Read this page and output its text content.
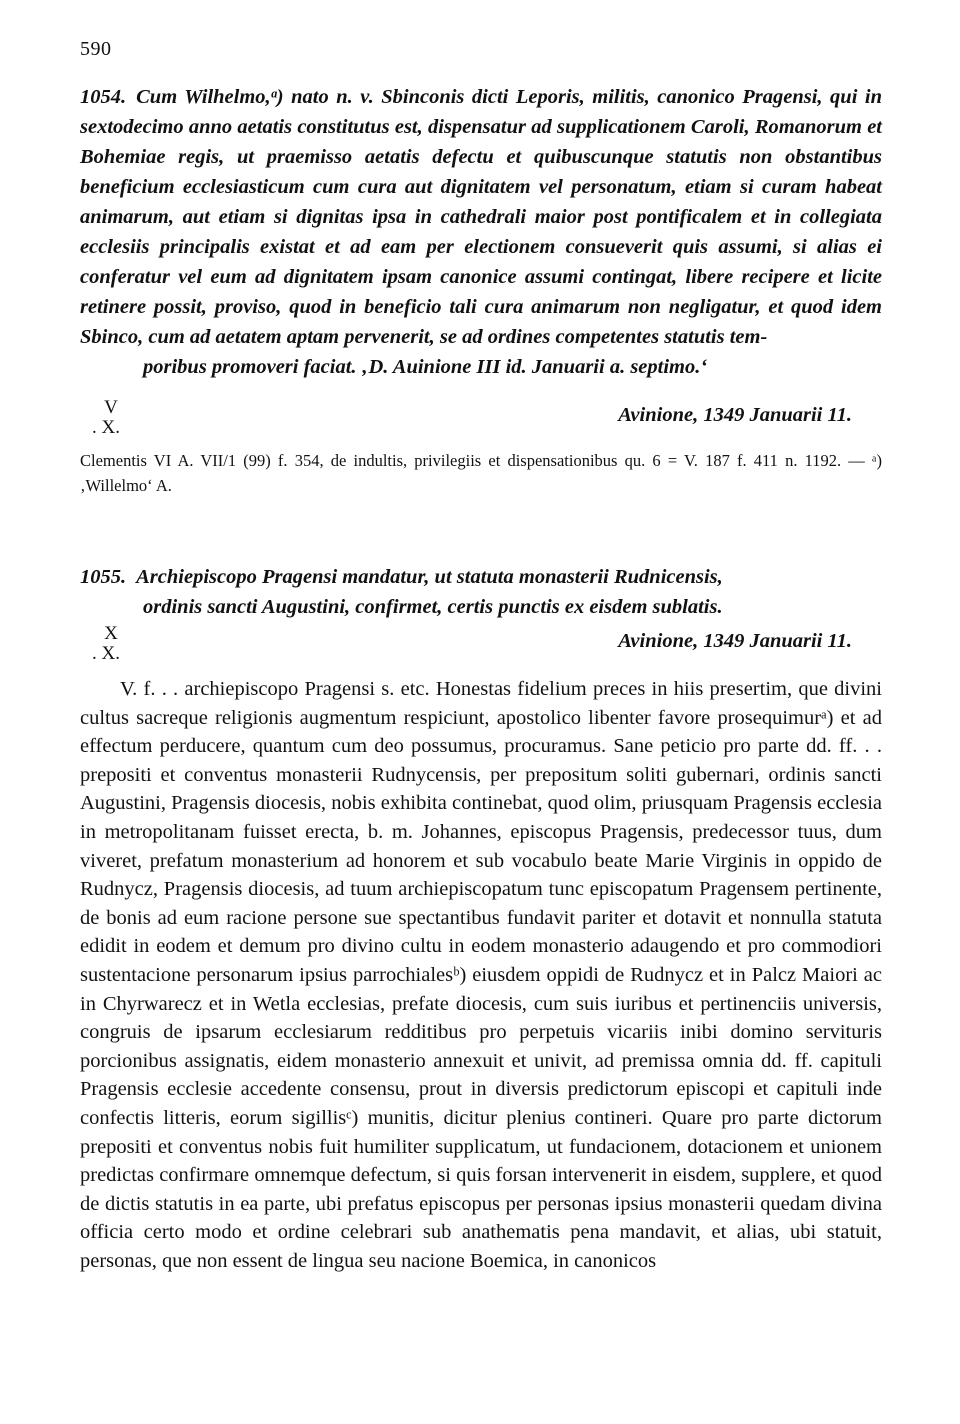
590
1054. Cum Wilhelmo,ᵃ) nato n. v. Sbinconis dicti Leporis, militis, canonico Pragensi, qui in sextodecimo anno aetatis constitutus est, dispensatur ad supplicationem Caroli, Romanorum et Bohemiae regis, ut praemisso aetatis defectu et quibuscunque statutis non obstantibus beneficium ecclesiasticum cum cura aut dignitatem vel personatum, etiam si curam habeat animarum, aut etiam si dignitas ipsa in cathedrali maior post pontificalem et in collegiata ecclesiis principalis existat et ad eam per electionem consueverit quis assumi, si alias ei conferatur vel eum ad dignitatem ipsam canonice assumi contingat, libere recipere et licite retinere possit, proviso, quod in beneficio tali cura animarum non negligatur, et quod idem Sbinco, cum ad aetatem aptam pervenerit, se ad ordines competentes statutis tem-
poribus promoveri faciat. ‚D. Auinione III id. Januarii a. septimo.‘
V
. X.
Avinione, 1349 Januarii 11.
Clementis VI A. VII/1 (99) f. 354, de indultis, privilegiis et dispensationibus qu. 6 = V. 187 f. 411 n. 1192. — ᵃ) ‚Willelmo‘ A.
1055. Archiepiscopo Pragensi mandatur, ut statuta monasterii Rudnicensis,
ordinis sancti Augustini, confirmet, certis punctis ex eisdem sublatis.
X
. X.
Avinione, 1349 Januarii 11.
V. f. . . archiepiscopo Pragensi s. etc. Honestas fidelium preces in hiis presertim, que divini cultus sacreque religionis augmentum respiciunt, apostolico libenter favore prosequimurᵃ) et ad effectum perducere, quantum cum deo possumus, procuramus. Sane peticio pro parte dd. ff. . . prepositi et conventus monasterii Rudnycensis, per prepositum soliti gubernari, ordinis sancti Augustini, Pragensis diocesis, nobis exhibita continebat, quod olim, priusquam Pragensis ecclesia in metropolitanam fuisset erecta, b. m. Johannes, episcopus Pragensis, predecessor tuus, dum viveret, prefatum monasterium ad honorem et sub vocabulo beate Marie Virginis in oppido de Rudnycz, Pragensis diocesis, ad tuum archiepiscopatum tunc episcopatum Pragensem pertinente, de bonis ad eum racione persone sue spectantibus fundavit pariter et dotavit et nonnulla statuta edidit in eodem et demum pro divino cultu in eodem monasterio adaugendo et pro commodiori sustentacione personarum ipsius parrochialesᵇ) eiusdem oppidi de Rudnycz et in Palcz Maiori ac in Chyrwarecz et in Wetla ecclesias, prefate diocesis, cum suis iuribus et pertinenciis universis, congruis de ipsarum ecclesiarum redditibus pro perpetuis vicariis inibi domino servituris porcionibus assignatis, eidem monasterio annexuit et univit, ad premissa omnia dd. ff. capituli Pragensis ecclesie accedente consensu, prout in diversis predictorum episcopi et capituli inde confectis litteris, eorum sigillisᶜ) munitis, dicitur plenius contineri. Quare pro parte dictorum prepositi et conventus nobis fuit humiliter supplicatum, ut fundacionem, dotacionem et unionem predictas confirmare omnemque defectum, si quis forsan intervenerit in eisdem, supplere, et quod de dictis statutis in ea parte, ubi prefatus episcopus per personas ipsius monasterii quedam divina officia certo modo et ordine celebrari sub anathematis pena mandavit, et alias, ubi statuit, personas, que non essent de lingua seu nacione Boemica, in canonicos
